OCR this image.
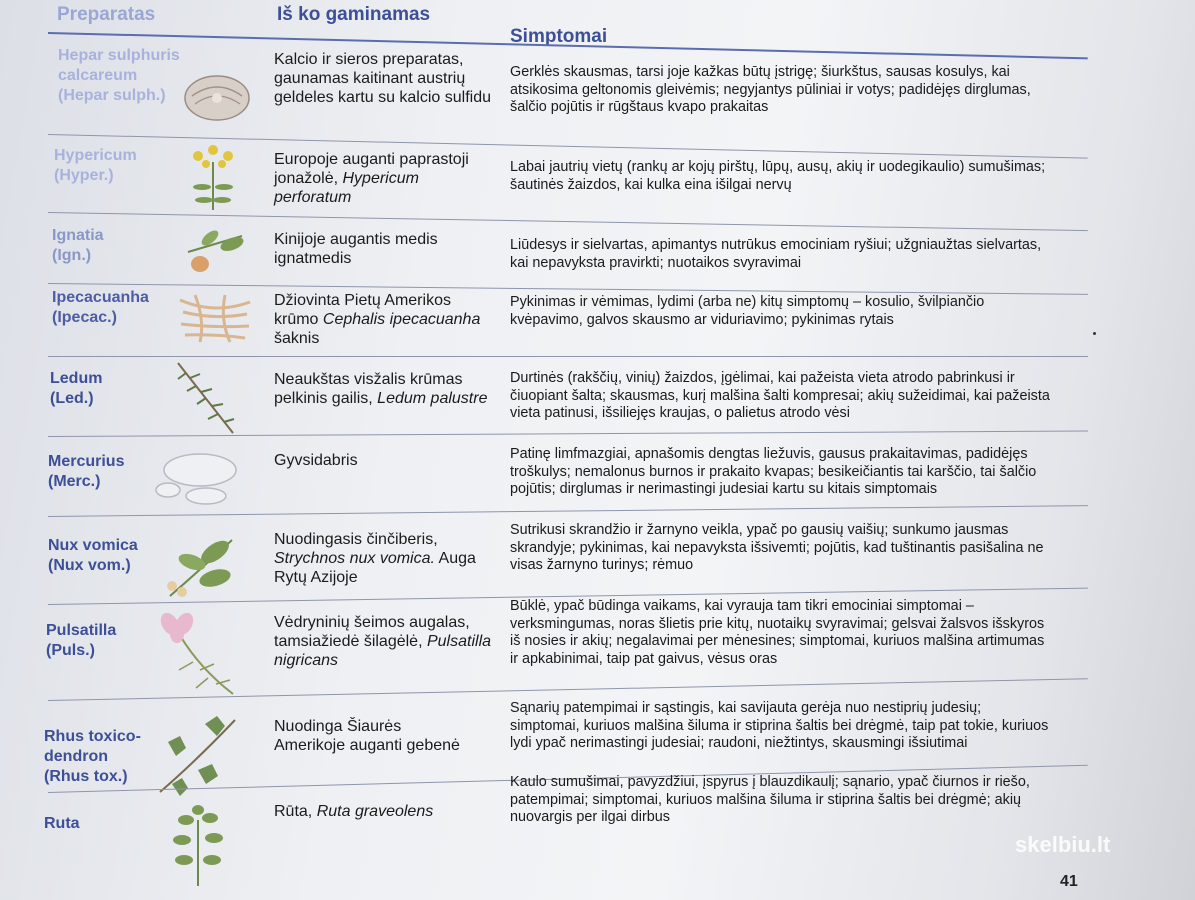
Preparatas	Iš ko gaminamas
Simptomai
Hepar sulphuris calcareum
(Hepar sulph.)
Kalcio ir sieros preparatas, gaunamas kaitinant austrių geldeles kartu su kalcio sulfidu
Gerklės skausmas, tarsi joje kažkas būtų įstrigę; šiurkštus, sausas kosulys, kai atsikosima geltonomis gleivėmis; negyjantys pūliniai ir votys; padidėjęs dirglumas, šalčio pojūtis ir rūgštaus kvapo prakaitas
Hypericum
(Hyper.)
Europoje auganti paprastoji jonažolė, Hypericum perforatum
Labai jautrių vietų (rankų ar kojų pirštų, lūpų, ausų, akių ir uodegikaulio) sumušimas; šautinės žaizdos, kai kulka eina išilgai nervų
Ignatia
(Ign.)
Kinijoje augantis medis ignatmedis
Liūdesys ir sielvartas, apimantys nutrūkus emociniam ryšiui; užgniaužtas sielvartas, kai nepavyksta pravirkti; nuotaikos svyravimai
Ipecacuanha
(Ipecac.)
Džiovinta Pietų Amerikos krūmo Cephalis ipecacuanha šaknis
Pykinimas ir vėmimas, lydimi (arba ne) kitų simptomų – kosulio, švilpiančio kvėpavimo, galvos skausmo ar viduriavimo; pykinimas rytais
Ledum
(Led.)
Neaukštas visžalis krūmas pelkinis gailis, Ledum palustre
Durtinės (rakščių, vinių) žaizdos, įgėlimai, kai pažeista vieta atrodo pabrinkusi ir čiuopiant šalta; skausmas, kurį malšina šalti kompresai; akių sužeidimai, kai pažeista vieta patinusi, išsiliejęs kraujas, o palietus atrodo vėsi
Mercurius
(Merc.)
Gyvsidabris	Patinę limfmazgiai, apnašomis dengtas liežuvis, gausus prakaitavimas, padidėjęs troškulys; nemalonus burnos ir prakaito kvapas; besikeičiantis tai karščio, tai šalčio pojūtis; dirglumas ir nerimastingi judesiai kartu su kitais simptomais
Nux vomica
(Nux vom.)
Nuodingasis činčiberis, Strychnos nux vomica. Auga Rytų Azijoje
Sutrikusi skrandžio ir žarnyno veikla, ypač po gausių vaišių; sunkumo jausmas skrandyje; pykinimas, kai nepavyksta išsivemti; pojūtis, kad tuštinantis pasišalina ne visas žarnyno turinys; rėmuo
Pulsatilla
(Puls.)
Vėdryninių šeimos augalas, tamsiažiedė šilagėlė, Pulsatilla nigricans
Būklė, ypač būdinga vaikams, kai vyrauja tam tikri emociniai simptomai – verksmingumas, noras šlietis prie kitų, nuotaikų svyravimai; gelsvai žalsvos išskyros iš nosies ir akių; negalavimai per mėnesines; simptomai, kuriuos malšina artimumas ir apkabinimai, taip pat gaivus, vėsus oras
Rhus toxico- dendron
(Rhus tox.)
Nuodinga Šiaurės Amerikoje auganti gebenė
Sąnarių patempimai ir sąstingis, kai savijauta gerėja nuo nestiprių judesių; simptomai, kuriuos malšina šiluma ir stiprina šaltis bei drėgmė, taip pat tokie, kuriuos lydi ypač nerimastingi judesiai; raudoni, niežtintys, skausmingi išsiutimai
Ruta
Rūta, Ruta graveolens
Kaulo sumušimai, pavyzdžiui, įspyrus į blauzdikaulį; sąnario, ypač čiurnos ir riešo, patempimai; simptomai, kuriuos malšina šiluma ir stiprina šaltis bei drėgmė; akių nuovargis per ilgai dirbus
skelbiu.lt
41
